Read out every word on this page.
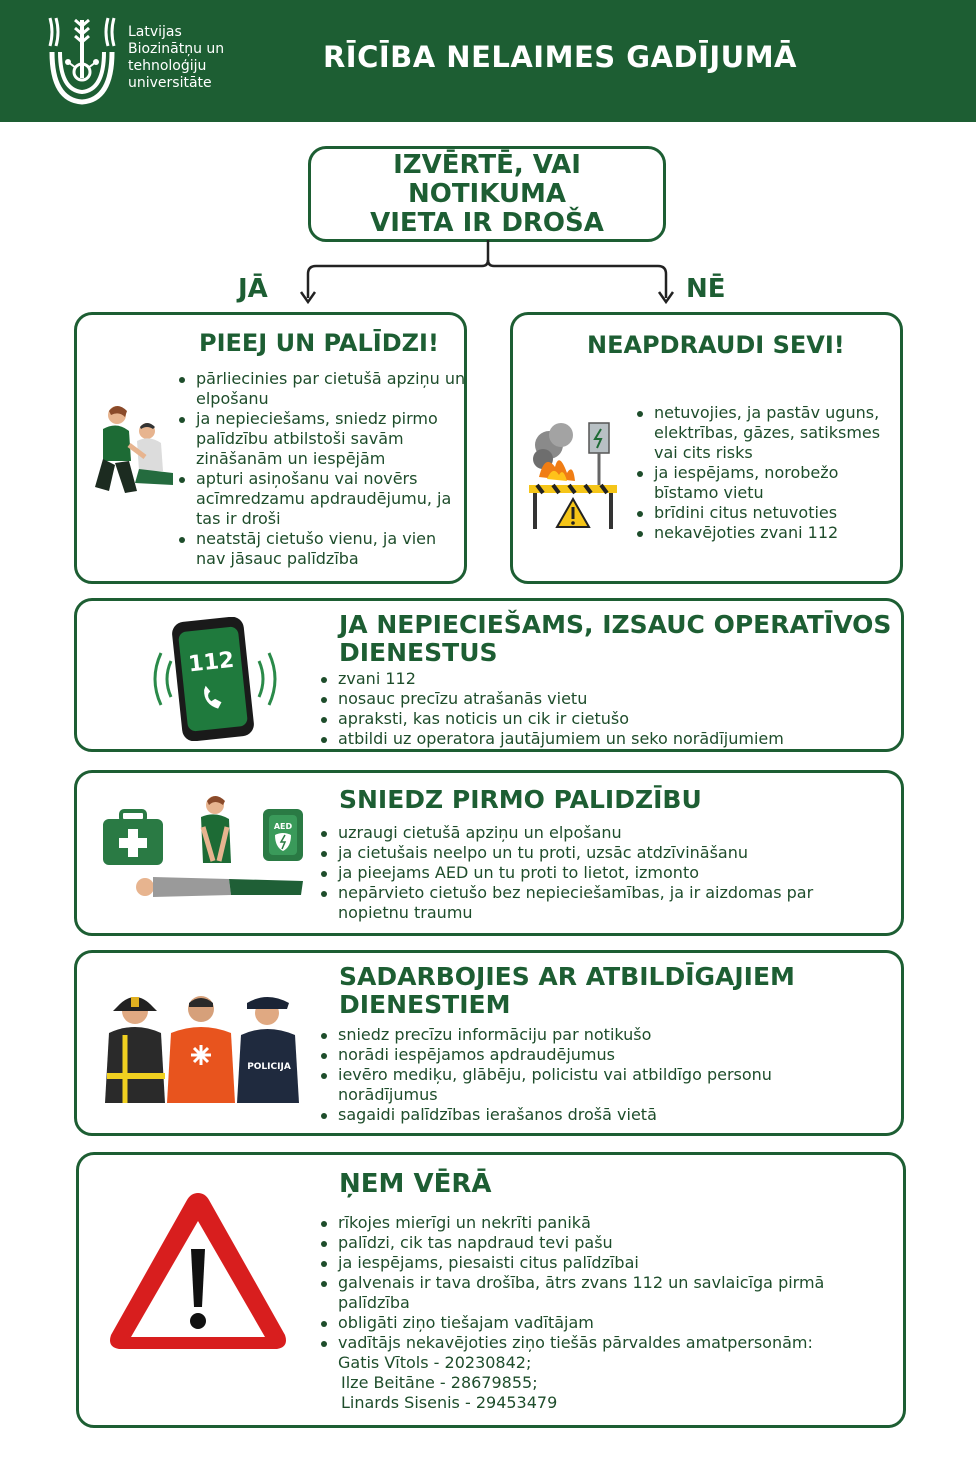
Latvijas
Biozinātņu un
tehnoloģiju
universitāte
RĪCĪBA NELAIMES GADĪJUMĀ
IZVĒRTĒ, VAI NOTIKUMA
VIETA IR DROŠA
JĀ	NĒ
PIEEJ UN PALĪDZI!
pārliecinies par cietušā apziņu un elpošanu
ja nepieciešams, sniedz pirmo palīdzību atbilstoši savām zināšanām un iespējām
apturi asiņošanu vai novērs acīmredzamu apdraudējumu, ja tas ir droši
neatstāj cietušo vienu, ja vien nav jāsauc palīdzība
NEAPDRAUDI SEVI!
netuvojies, ja pastāv uguns, elektrības, gāzes, satiksmes vai cits risks
ja iespējams, norobežo bīstamo vietu
brīdini citus netuvoties
nekavējoties zvani 112
112
JA NEPIECIEŠAMS, IZSAUC OPERATĪVOS DIENESTUS
zvani 112
nosauc precīzu atrašanās vietu
apraksti, kas noticis un cik ir cietušo
atbildi uz operatora jautājumiem un seko norādījumiem
AED
SNIEDZ PIRMO PALIDZĪBU
uzraugi cietušā apziņu un elpošanu
ja cietušais neelpo un tu proti, uzsāc atdzīvināšanu
ja pieejams AED un tu proti to lietot, izmonto
nepārvieto cietušo bez nepieciešamības, ja ir aizdomas par nopietnu traumu
POLICIJA
SADARBOJIES AR ATBILDĪGAJIEM DIENESTIEM
sniedz precīzu informāciju par notikušo
norādi iespējamos apdraudējumus
ievēro mediķu, glābēju, policistu vai atbildīgo personu norādījumus
sagaidi palīdzības ierašanos drošā vietā
ŅEM VĒRĀ
rīkojes mierīgi un nekrīti panikā
palīdzi, cik tas napdraud tevi pašu
ja iespējams, piesaisti citus palīdzībai
galvenais ir tava drošība, ātrs zvans 112 un savlaicīga pirmā palīdzība
obligāti ziņo tiešajam vadītājam
vadītājs nekavējoties ziņo tiešās pārvaldes amatpersonām:
Gatis Vītols - 20230842;
Ilze Beitāne - 28679855;
Linards Sisenis - 29453479
